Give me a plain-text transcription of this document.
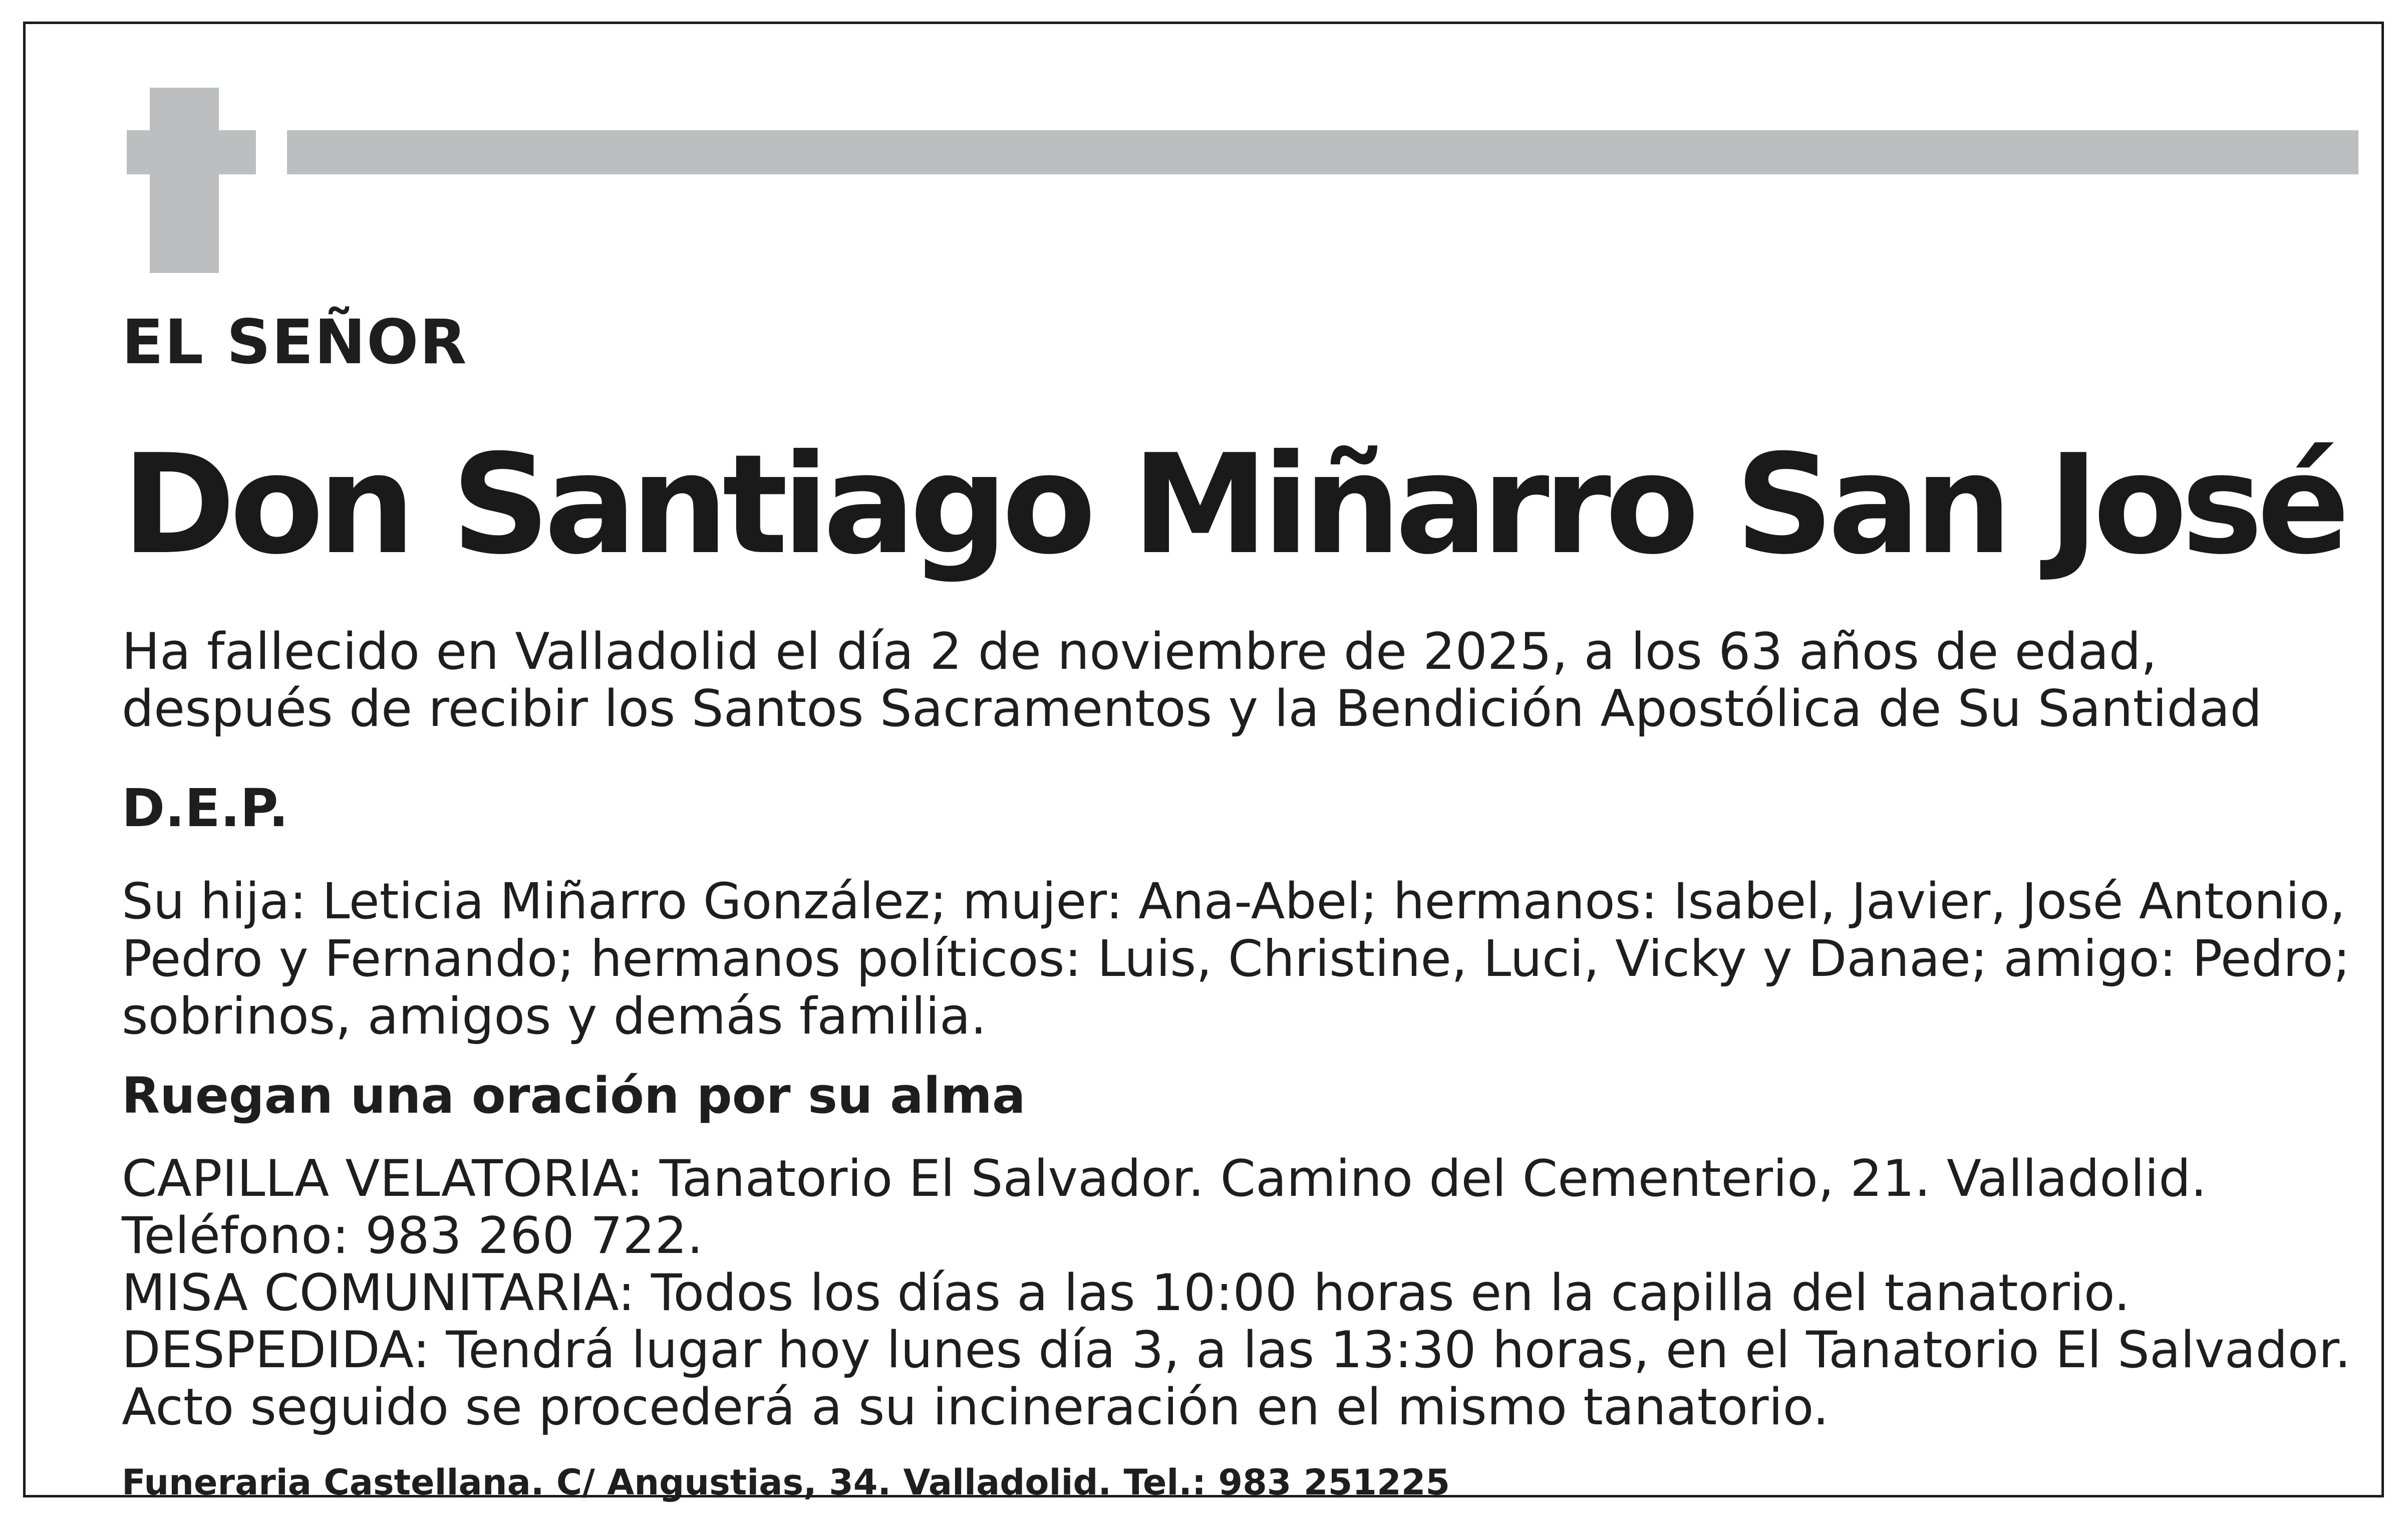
EL SEÑOR

Don Santiago Miñarro San José

Ha fallecido en Valladolid el día 2 de noviembre de 2025, a los 63 años de edad,

después de recibir los Santos Sacramentos y la Bendición Apostólica de Su Santidad

D.E.P.

Su hija: Leticia Miñarro González; mujer: Ana-Abel; hermanos: Isabel, Javier, José Antonio,

Pedro y Fernando; hermanos políticos: Luis, Christine, Luci, Vicky y Danae; amigo: Pedro;

sobrinos, amigos y demás familia.

Ruegan una oración por su alma

CAPILLA VELATORIA: Tanatorio El Salvador. Camino del Cementerio, 21. Valladolid.

Teléfono: 983 260 722.

MISA COMUNITARIA: Todos los días a las 10:00 horas en la capilla del tanatorio.

DESPEDIDA: Tendrá lugar hoy lunes día 3, a las 13:30 horas, en el Tanatorio El Salvador.

Acto seguido se procederá a su incineración en el mismo tanatorio.

Funeraria Castellana. C/ Angustias, 34. Valladolid. Tel.: 983 251225
